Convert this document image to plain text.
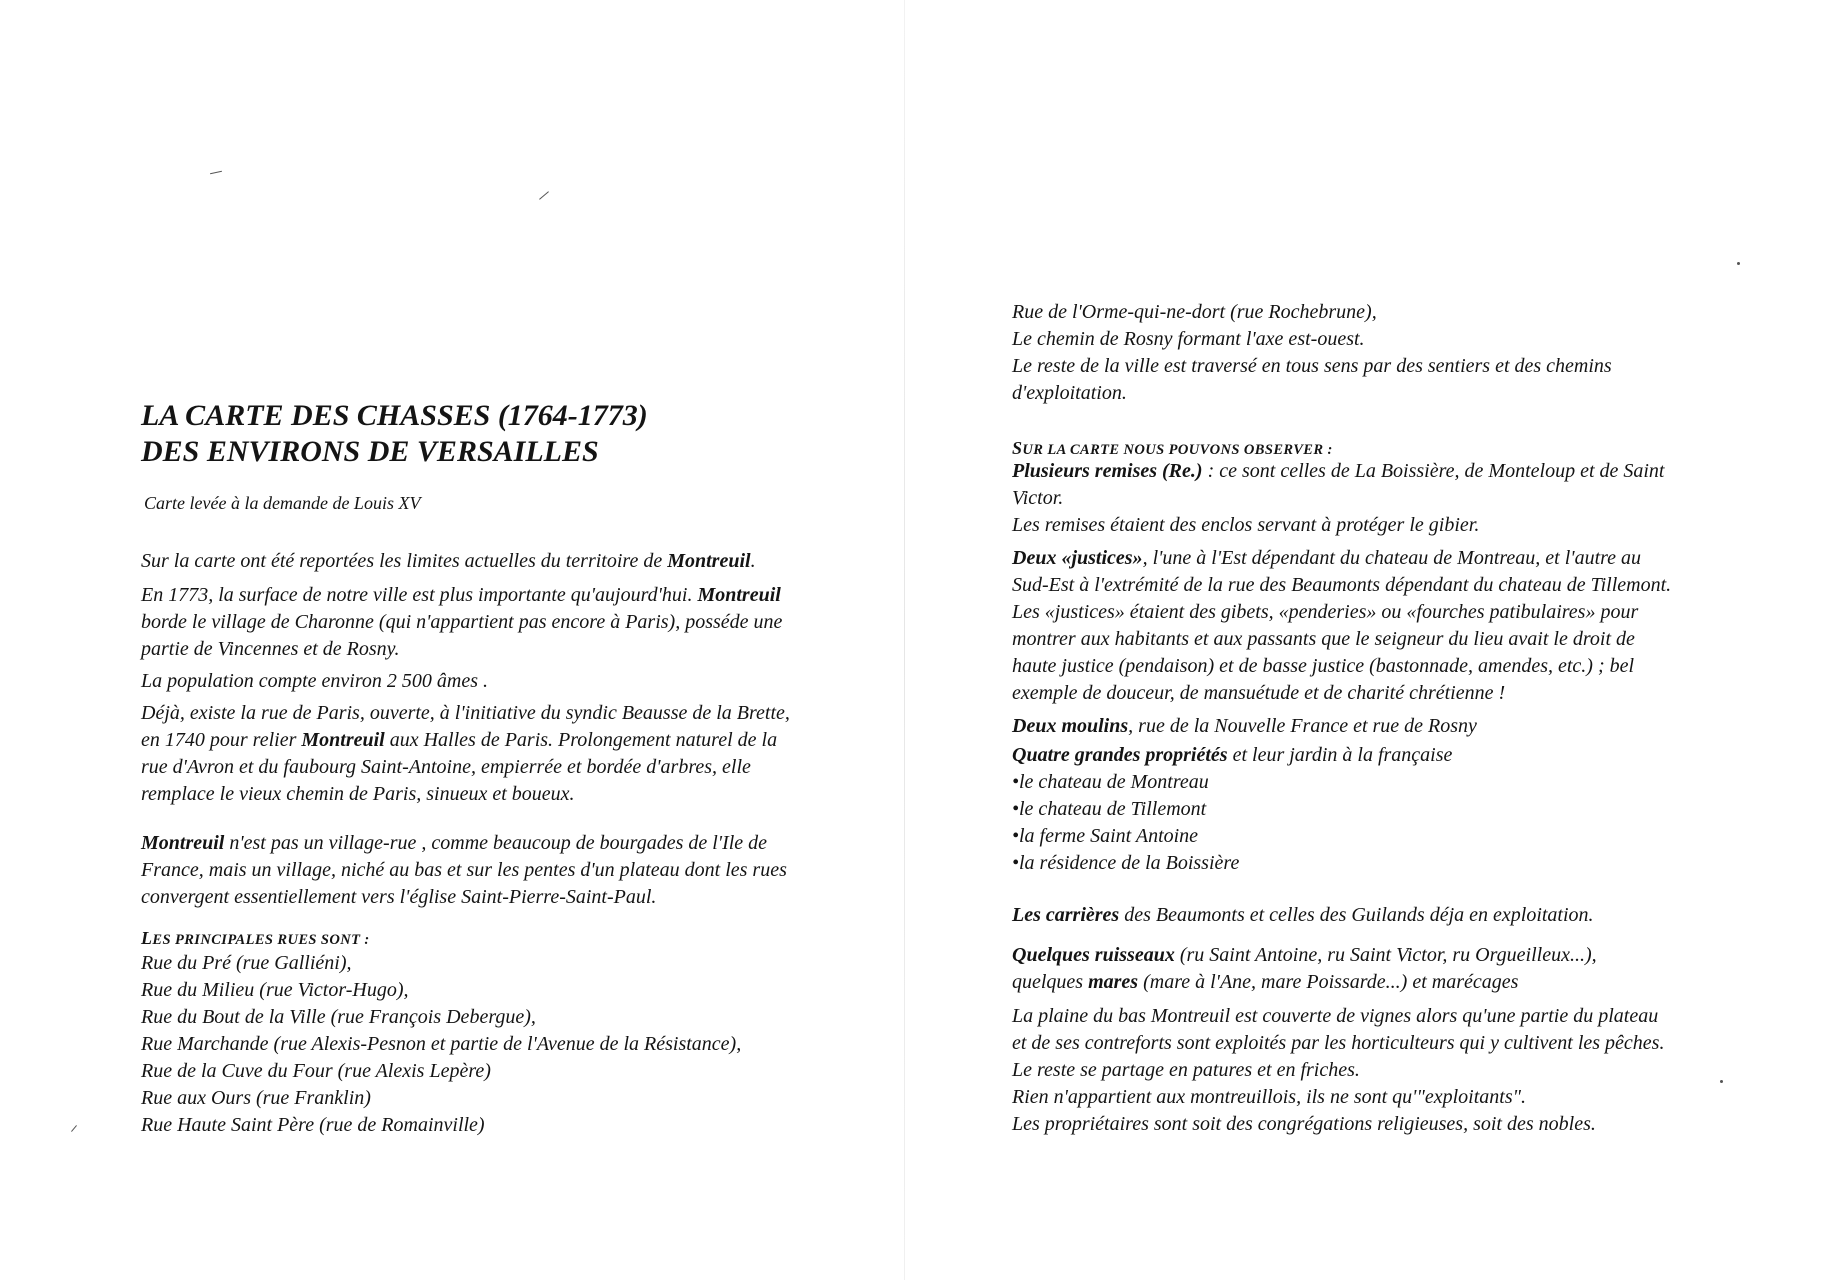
LA CARTE DES CHASSES (1764-1773)
DES ENVIRONS DE VERSAILLES
Carte levée à la demande de Louis XV

Sur la carte ont été reportées les limites actuelles du territoire de Montreuil.

En 1773, la surface de notre ville est plus importante qu'aujourd'hui. Montreuil
borde le village de Charonne (qui n'appartient pas encore à Paris), posséde une
partie de Vincennes et de Rosny.

La population compte environ 2 500 âmes .

Déjà, existe la rue de Paris, ouverte, à l'initiative du syndic Beausse de la Brette,
en 1740 pour relier Montreuil aux Halles de Paris. Prolongement naturel de la
rue d'Avron et du faubourg Saint-Antoine, empierrée et bordée d'arbres, elle
remplace le vieux chemin de Paris, sinueux et boueux.

Montreuil n'est pas un village-rue , comme beaucoup de bourgades de l'Ile de
France, mais un village, niché au bas et sur les pentes d'un plateau dont les rues
convergent essentiellement vers l'église Saint-Pierre-Saint-Paul.

LES PRINCIPALES RUES SONT :
Rue du Pré (rue Galliéni),
Rue du Milieu (rue Victor-Hugo),
Rue du Bout de la Ville (rue François Debergue),
Rue Marchande (rue Alexis-Pesnon et partie de l'Avenue de la Résistance),
Rue de la Cuve du Four (rue Alexis Lepère)
Rue aux Ours (rue Franklin)
Rue Haute Saint Père (rue de Romainville)
Rue de l'Orme-qui-ne-dort (rue Rochebrune),
Le chemin de Rosny formant l'axe est-ouest.
Le reste de la ville est traversé en tous sens par des sentiers et des chemins
d'exploitation.
SUR LA CARTE NOUS POUVONS OBSERVER :

Plusieurs remises (Re.) : ce sont celles de La Boissière, de Monteloup et de Saint
Victor.
Les remises étaient des enclos servant à protéger le gibier.

Deux «justices», l'une à l'Est dépendant du chateau de Montreau, et l'autre au
Sud-Est à l'extrémité de la rue des Beaumonts dépendant du chateau de Tillemont.
Les «justices» étaient des gibets, «penderies» ou «fourches patibulaires» pour
montrer aux habitants et aux passants que le seigneur du lieu avait le droit de
haute justice (pendaison) et de basse justice (bastonnade, amendes, etc.) ; bel
exemple de douceur, de mansuétude et de charité chrétienne !

Deux moulins, rue de la Nouvelle France et rue de Rosny

Quatre grandes propriétés et leur jardin à la française
•le chateau de Montreau
•le chateau de Tillemont
•la ferme Saint Antoine
•la résidence de la Boissière

Les carrières des Beaumonts et celles des Guilands déja en exploitation.

Quelques ruisseaux (ru Saint Antoine, ru Saint Victor, ru Orgueilleux...),
quelques mares (mare à l'Ane, mare Poissarde...) et marécages

La plaine du bas Montreuil est couverte de vignes alors qu'une partie du plateau
et de ses contreforts sont exploités par les horticulteurs qui y cultivent les pêches.
Le reste se partage en patures et en friches.
Rien n'appartient aux montreuillois, ils ne sont qu'"exploitants".
Les propriétaires sont soit des congrégations religieuses, soit des nobles.
